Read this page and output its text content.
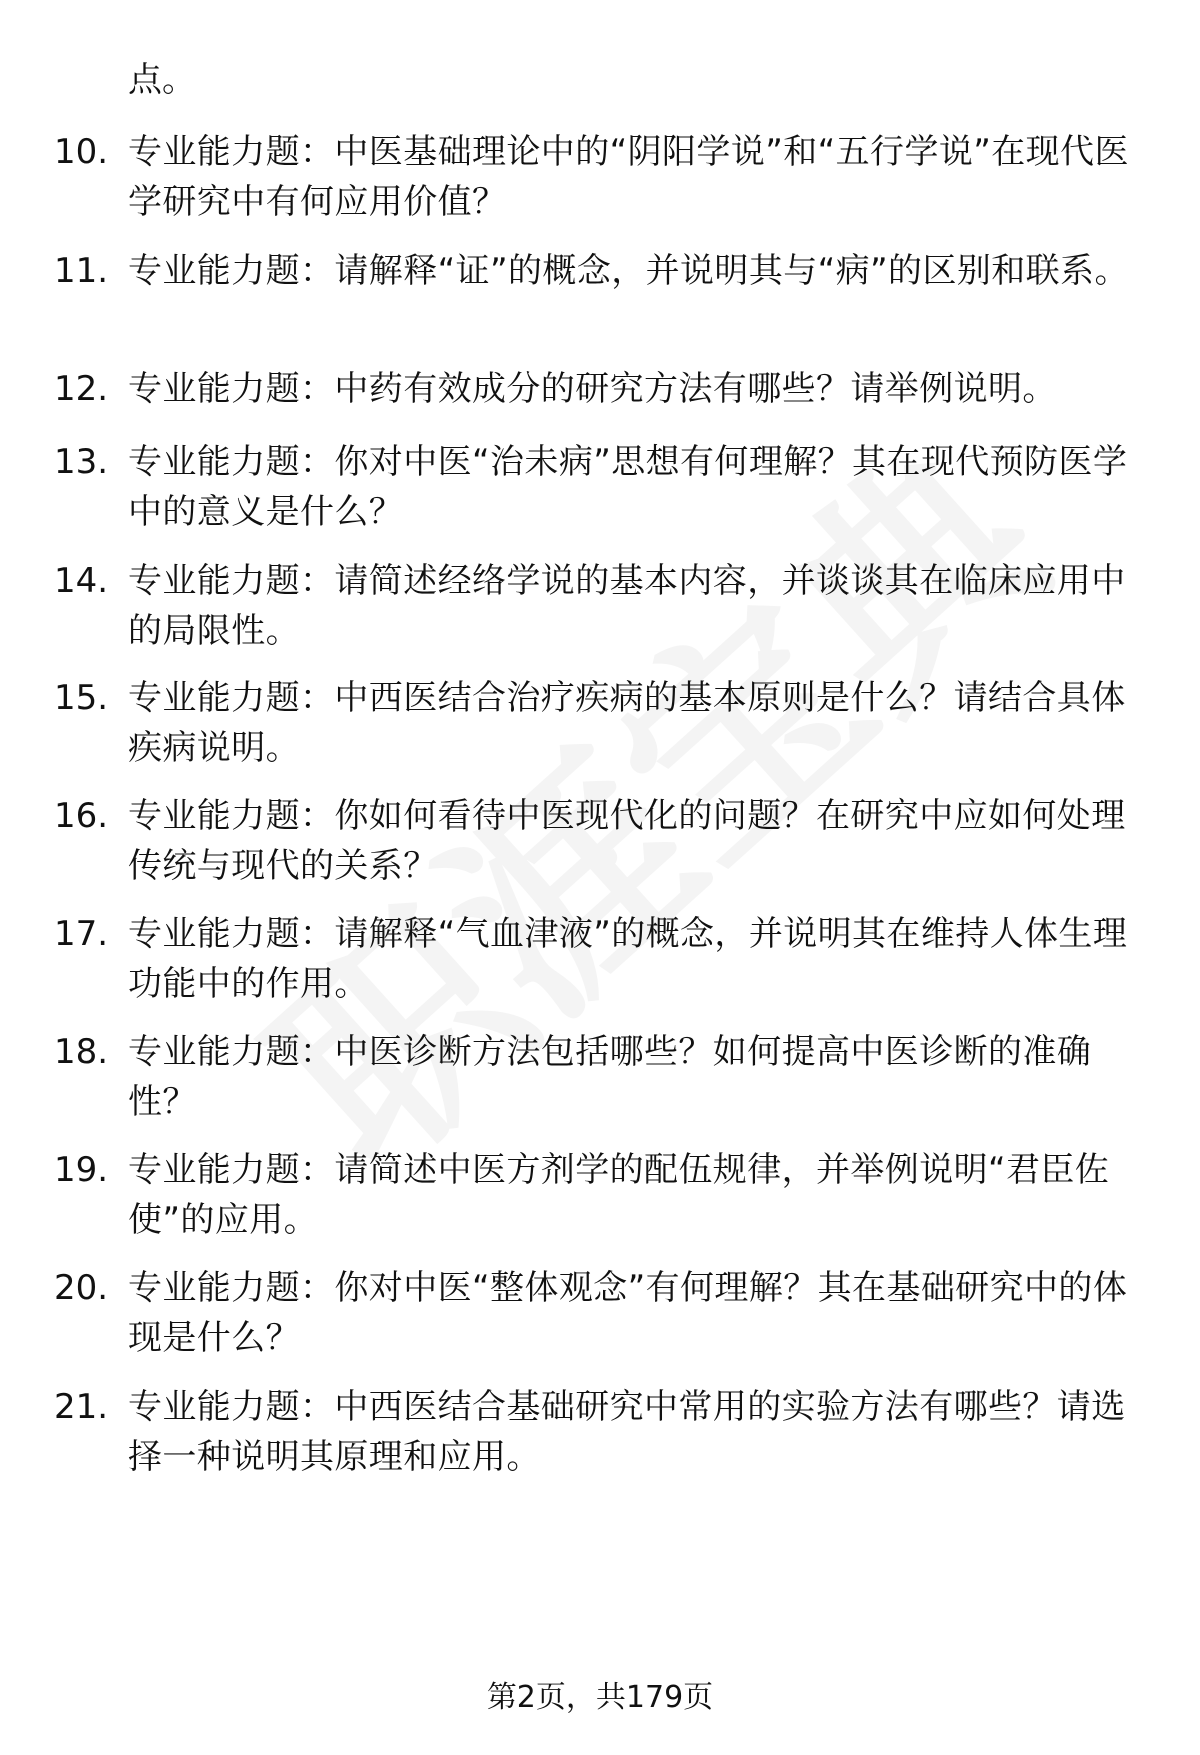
点。

10. 专业能力题：中医基础理论中的“阴阳学说”和“五行学说”在现代医学研究中有何应用价值？

11. 专业能力题：请解释“证”的概念，并说明其与“病”的区别和联系。

12. 专业能力题：中药有效成分的研究方法有哪些？请举例说明。

13. 专业能力题：你对中医“治未病”思想有何理解？其在现代预防医学中的意义是什么？

14. 专业能力题：请简述经络学说的基本内容，并谈谈其在临床应用中的局限性。

15. 专业能力题：中西医结合治疗疾病的基本原则是什么？请结合具体疾病说明。

16. 专业能力题：你如何看待中医现代化的问题？在研究中应如何处理传统与现代的关系？

17. 专业能力题：请解释“气血津液”的概念，并说明其在维持人体生理功能中的作用。

18. 专业能力题：中医诊断方法包括哪些？如何提高中医诊断的准确性？

19. 专业能力题：请简述中医方剂学的配伍规律，并举例说明“君臣佐使”的应用。

20. 专业能力题：你对中医“整体观念”有何理解？其在基础研究中的体现是什么？

21. 专业能力题：中西医结合基础研究中常用的实验方法有哪些？请选择一种说明其原理和应用。

第2页，共179页
